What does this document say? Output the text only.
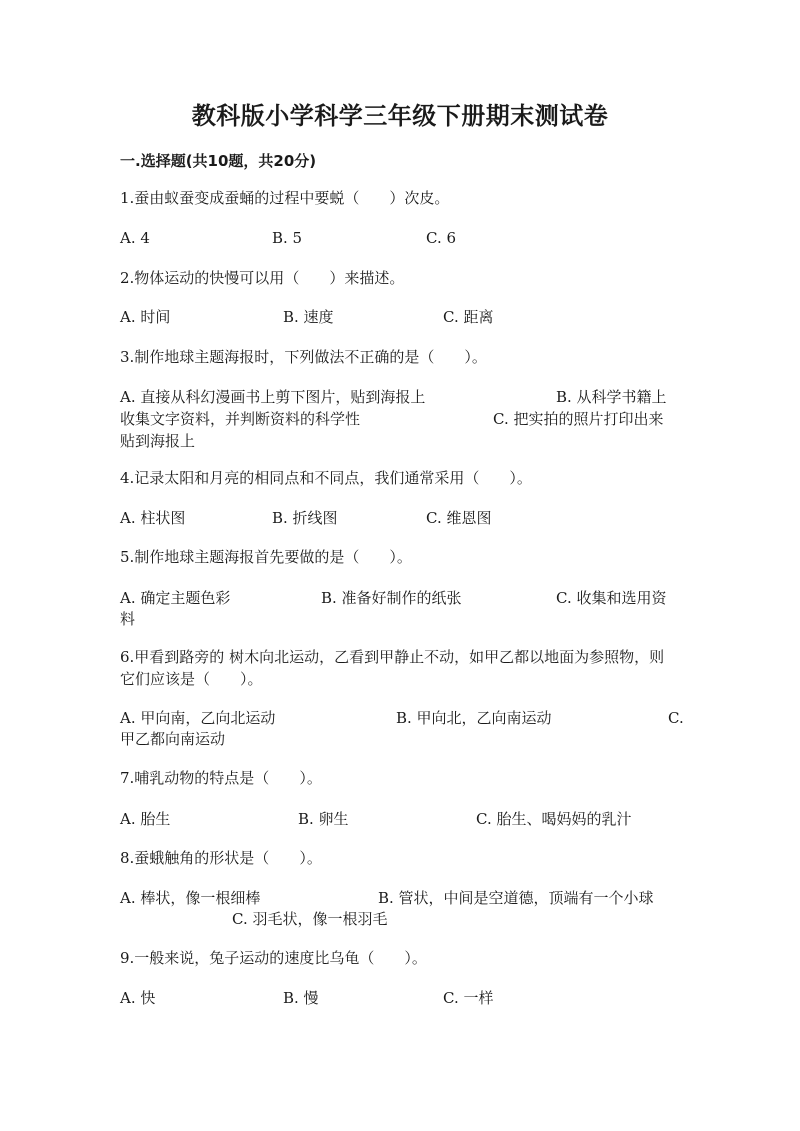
教科版小学科学三年级下册期末测试卷
一.选择题(共10题，共20分)
1.蚕由蚁蚕变成蚕蛹的过程中要蜕（　　）次皮。
A. 4	B. 5	C. 6
2.物体运动的快慢可以用（　　）来描述。
A. 时间	B. 速度	C. 距离
3.制作地球主题海报时，下列做法不正确的是（　　）。
A. 直接从科幻漫画书上剪下图片，贴到海报上	B. 从科学书籍上
收集文字资料，并判断资料的科学性	C. 把实拍的照片打印出来
贴到海报上
4.记录太阳和月亮的相同点和不同点，我们通常采用（　　）。
A. 柱状图	B. 折线图	C. 维恩图
5.制作地球主题海报首先要做的是（　　）。
A. 确定主题色彩	B. 准备好制作的纸张	C. 收集和选用资
料
6.甲看到路旁的 树木向北运动，乙看到甲静止不动，如甲乙都以地面为参照物，则它们应该是（　　）。
A. 甲向南，乙向北运动	B. 甲向北，乙向南运动	C.
甲乙都向南运动
7.哺乳动物的特点是（　　）。
A. 胎生	B. 卵生	C. 胎生、喝妈妈的乳汁
8.蚕蛾触角的形状是（　　）。
A. 棒状，像一根细棒	B. 管状，中间是空道德，顶端有一个小球
C. 羽毛状，像一根羽毛
9.一般来说，兔子运动的速度比乌龟（　　）。
A. 快	B. 慢	C. 一样
